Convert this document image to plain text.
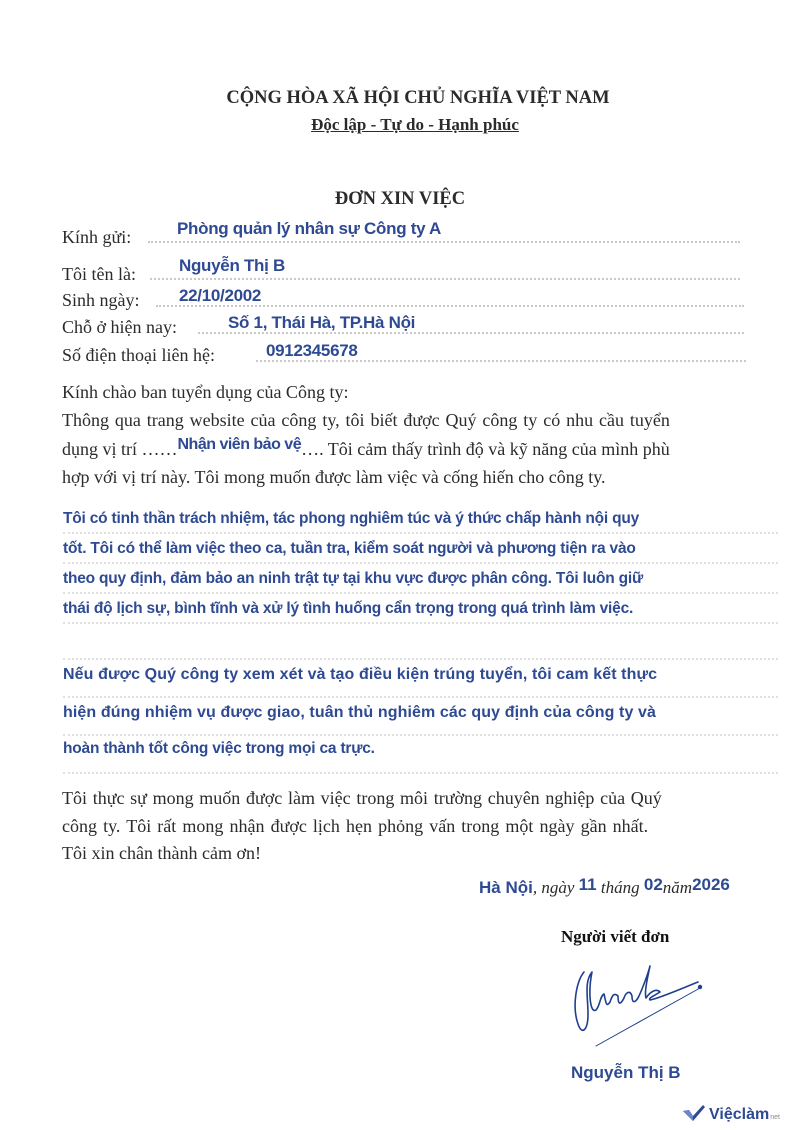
CỘNG HÒA XÃ HỘI CHỦ NGHĨA VIỆT NAM
Độc lập - Tự do - Hạnh phúc
ĐƠN XIN VIỆC
Kính gửi:	Phòng quản lý nhân sự Công ty A
Tôi tên là:	Nguyễn Thị B
Sinh ngày: 22/10/2002
Chỗ ở hiện nay:	Số 1, Thái Hà, TP.Hà Nội
Số điện thoại liên hệ:	0912345678
Kính chào ban tuyển dụng của Công ty:
Thông qua trang website của công ty, tôi biết được Quý công ty có nhu cầu tuyển
dụng vị trí ……Nhận viên bảo vệ…. Tôi cảm thấy trình độ và kỹ năng của mình phù
hợp với vị trí này. Tôi mong muốn được làm việc và cống hiến cho công ty.
Tôi có tinh thần trách nhiệm, tác phong nghiêm túc và ý thức chấp hành nội quy
tốt. Tôi có thể làm việc theo ca, tuần tra, kiểm soát người và phương tiện ra vào
theo quy định, đảm bảo an ninh trật tự tại khu vực được phân công. Tôi luôn giữ
thái độ lịch sự, bình tĩnh và xử lý tình huống cẩn trọng trong quá trình làm việc.
Nếu được Quý công ty xem xét và tạo điều kiện trúng tuyển, tôi cam kết thực
hiện đúng nhiệm vụ được giao, tuân thủ nghiêm các quy định của công ty và
hoàn thành tốt công việc trong mọi ca trực.
Tôi thực sự mong muốn được làm việc trong môi trường chuyên nghiệp của Quý
công ty. Tôi rất mong nhận được lịch hẹn phỏng vấn trong một ngày gần nhất.
Tôi xin chân thành cảm ơn!
Hà Nội, ngày 11 tháng 02năm2026
Người viết đơn
Nguyễn Thị B
Việclàm net
